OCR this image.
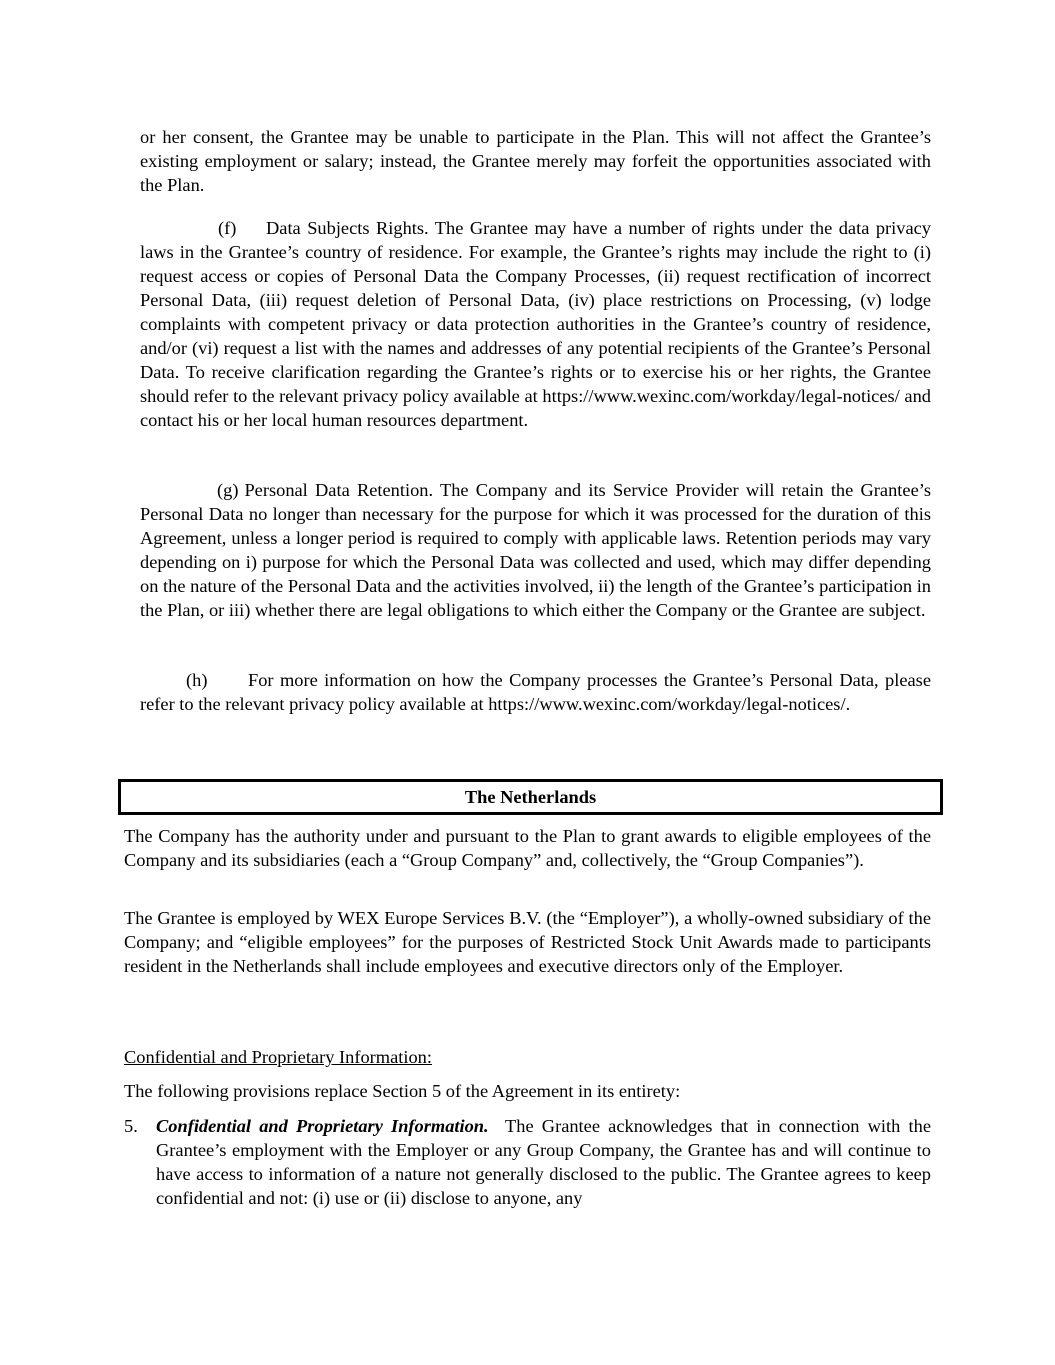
or her consent, the Grantee may be unable to participate in the Plan. This will not affect the Grantee’s existing employment or salary; instead, the Grantee merely may forfeit the opportunities associated with the Plan.

(f) Data Subjects Rights. The Grantee may have a number of rights under the data privacy laws in the Grantee’s country of residence. For example, the Grantee’s rights may include the right to (i) request access or copies of Personal Data the Company Processes, (ii) request rectification of incorrect Personal Data, (iii) request deletion of Personal Data, (iv) place restrictions on Processing, (v) lodge complaints with competent privacy or data protection authorities in the Grantee’s country of residence, and/or (vi) request a list with the names and addresses of any potential recipients of the Grantee’s Personal Data. To receive clarification regarding the Grantee’s rights or to exercise his or her rights, the Grantee should refer to the relevant privacy policy available at https://www.wexinc.com/workday/legal-notices/ and contact his or her local human resources department.

(g) Personal Data Retention. The Company and its Service Provider will retain the Grantee’s Personal Data no longer than necessary for the purpose for which it was processed for the duration of this Agreement, unless a longer period is required to comply with applicable laws. Retention periods may vary depending on i) purpose for which the Personal Data was collected and used, which may differ depending on the nature of the Personal Data and the activities involved, ii) the length of the Grantee’s participation in the Plan, or iii) whether there are legal obligations to which either the Company or the Grantee are subject.

(h) For more information on how the Company processes the Grantee’s Personal Data, please refer to the relevant privacy policy available at https://www.wexinc.com/workday/legal-notices/.

The Netherlands

The Company has the authority under and pursuant to the Plan to grant awards to eligible employees of the Company and its subsidiaries (each a “Group Company” and, collectively, the “Group Companies”).

The Grantee is employed by WEX Europe Services B.V. (the “Employer”), a wholly-owned subsidiary of the Company; and “eligible employees” for the purposes of Restricted Stock Unit Awards made to participants resident in the Netherlands shall include employees and executive directors only of the Employer.

Confidential and Proprietary Information:

The following provisions replace Section 5 of the Agreement in its entirety:

5. Confidential and Proprietary Information. The Grantee acknowledges that in connection with the Grantee’s employment with the Employer or any Group Company, the Grantee has and will continue to have access to information of a nature not generally disclosed to the public. The Grantee agrees to keep confidential and not: (i) use or (ii) disclose to anyone, any
